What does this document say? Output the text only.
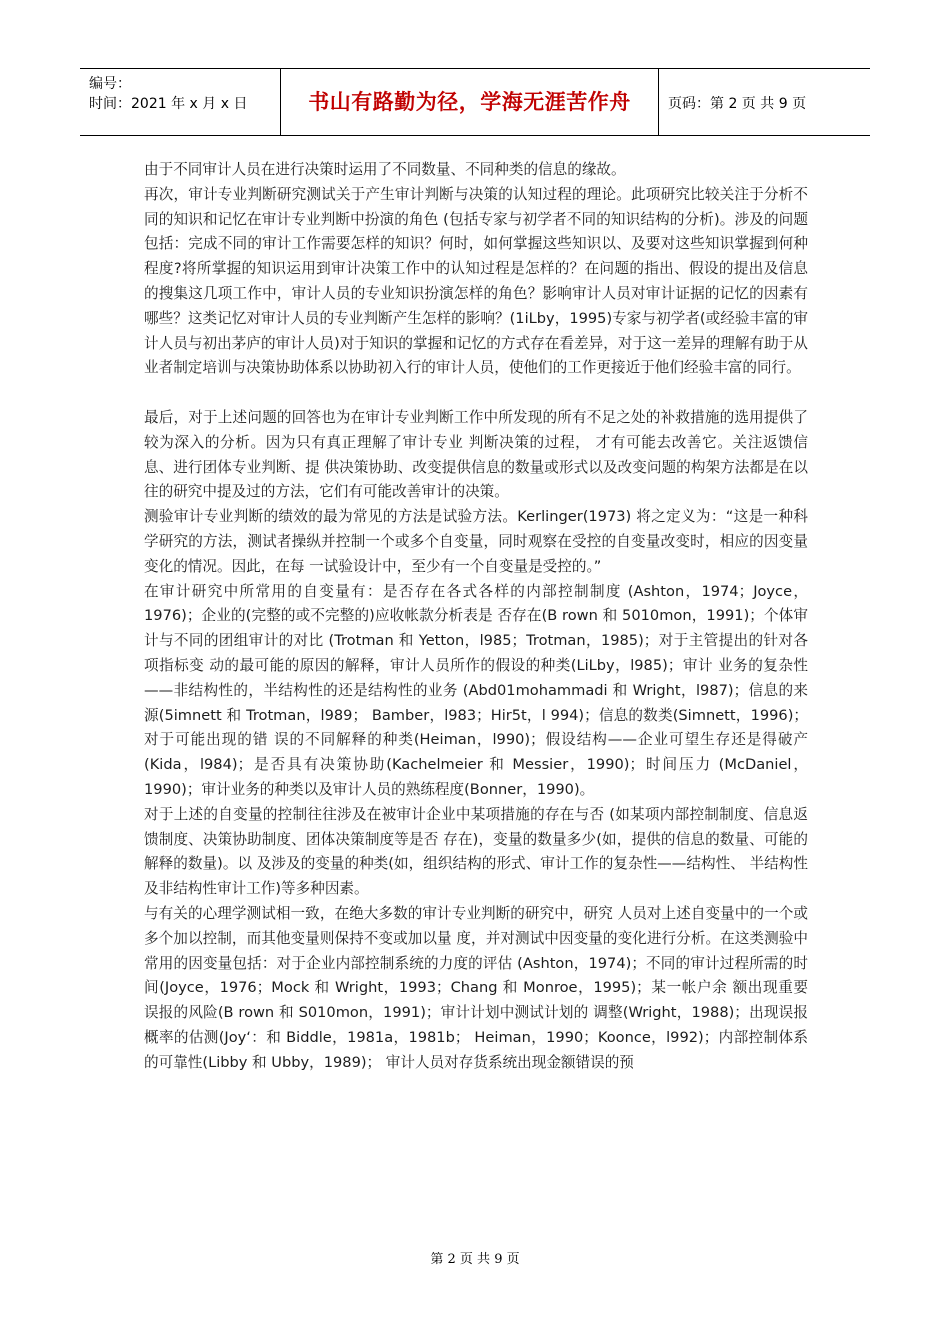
编号：
时间：2021 年 x 月 x 日	书山有路勤为径，学海无涯苦作舟	页码：第 2 页 共 9 页

由于不同审计人员在进行决策时运用了不同数量、不同种类的信息的缘故。

再次，审计专业判断研究测试关于产生审计判断与决策的认知过程的理论。此项研究比较关注于分析不同的知识和记忆在审计专业判断中扮演的角色 (包括专家与初学者不同的知识结构的分析)。涉及的问题包括：完成不同的审计工作需要怎样的知识？何时，如何掌握这些知识以、及要对这些知识掌握到何种程度?将所掌握的知识运用到审计决策工作中的认知过程是怎样的？在问题的指出、假设的提出及信息的搜集这几项工作中，审计人员的专业知识扮演怎样的角色？影响审计人员对审计证据的记忆的因素有哪些？这类记忆对审计人员的专业判断产生怎样的影响？(1iLby，1995)专家与初学者(或经验丰富的审计人员与初出茅庐的审计人员)对于知识的掌握和记忆的方式存在看差异，对于这一差异的理解有助于从业者制定培训与决策协助体系以协助初入行的审计人员，使他们的工作更接近于他们经验丰富的同行。

最后，对于上述问题的回答也为在审计专业判断工作中所发现的所有不足之处的补救措施的选用提供了较为深入的分析。因为只有真正理解了审计专业 判断决策的过程， 才有可能去改善它。关注返馈信息、进行团体专业判断、提 供决策协助、改变提供信息的数量或形式以及改变问题的构架方法都是在以往的研究中提及过的方法，它们有可能改善审计的决策。

测验审计专业判断的绩效的最为常见的方法是试验方法。Kerlinger(1973) 将之定义为：“这是一种科学研究的方法，测试者操纵并控制一个或多个自变量，同时观察在受控的自变量改变时，相应的因变量变化的情况。因此，在每 一试验设计中，至少有一个自变量是受控的。”

在审计研究中所常用的自变量有：是否存在各式各样的内部控制制度 (Ashton，1974；Joyce，1976)；企业的(完整的或不完整的)应收帐款分析表是 否存在(B rown 和 5010mon，1991)；个体审计与不同的团组审计的对比 (Trotman 和 Yetton，l985；Trotman，1985)；对于主管提出的针对各项指标变 动的最可能的原因的解释，审计人员所作的假设的种类(LiLby，l985)；审计 业务的复杂性——非结构性的，半结构性的还是结构性的业务 (Abd01mohammadi 和 Wright，l987)；信息的来源(5imnett 和 Trotman，l989； Bamber，l983；Hir5t，l 994)；信息的数类(Simnett，1996)；对于可能出现的错 误的不同解释的种类(Heiman，l990)；假设结构——企业可望生存还是得破产 (Kida，l984)；是否具有决策协助(Kachelmeier 和 Messier，1990)；时间压力 (McDaniel，1990)；审计业务的种类以及审计人员的熟练程度(Bonner，1990)。

对于上述的自变量的控制往往涉及在被审计企业中某项措施的存在与否 (如某项内部控制制度、信息返馈制度、决策协助制度、团体决策制度等是否 存在)，变量的数量多少(如，提供的信息的数量、可能的解释的数量)。以 及涉及的变量的种类(如，组织结构的形式、审计工作的复杂性——结构性、 半结构性及非结构性审计工作)等多种因素。

与有关的心理学测试相一致，在绝大多数的审计专业判断的研究中，研究 人员对上述自变量中的一个或多个加以控制，而其他变量则保持不变或加以量 度，并对测试中因变量的变化进行分析。在这类测验中常用的因变量包括：对于企业内部控制系统的力度的评估 (Ashton，1974)；不同的审计过程所需的时 间(Joyce，1976；Mock 和 Wright，1993；Chang 和 Monroe，1995)；某一帐户余 额出现重要误报的风险(B rown 和 S010mon，1991)；审计计划中测试计划的 调整(Wright，1988)；出现误报概率的估测(Joy‘：和 Biddle，1981a，1981b； Heiman，1990；Koonce，l992)；内部控制体系的可靠性(Libby 和 Ubby，1989)； 审计人员对存货系统出现金额错误的预

第 2 页 共 9 页
